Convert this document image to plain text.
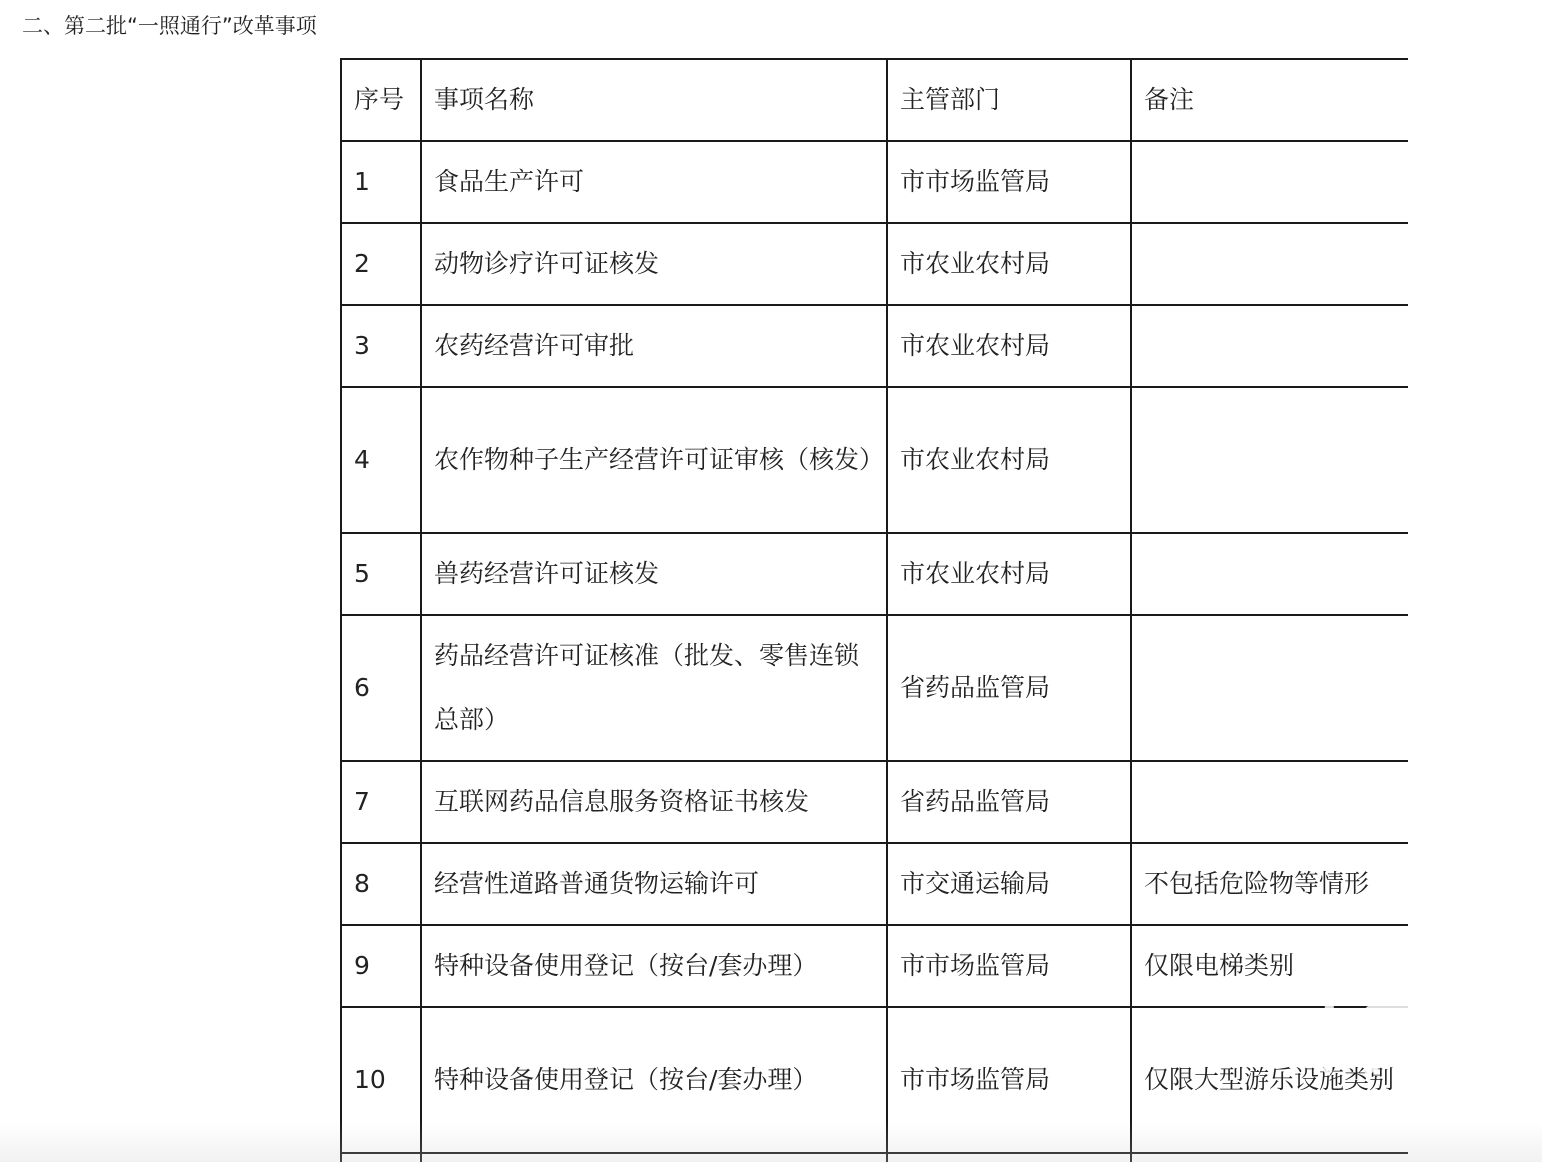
二、第二批“一照通行”改革事项
序号	事项名称	主管部门	备注

1	食品生产许可	市市场监管局	

2	动物诊疗许可证核发	市农业农村局	

3	农药经营许可审批	市农业农村局	

4	农作物种子生产经营许可证审核（核发）	市农业农村局	

5	兽药经营许可证核发	市农业农村局	

6	药品经营许可证核准（批发、零售连锁总部）	省药品监管局	

7	互联网药品信息服务资格证书核发	省药品监管局	

8	经营性道路普通货物运输许可	市交通运输局	不包括危险物等情形

9	特种设备使用登记（按台/套办理）	市市场监管局	仅限电梯类别

10	特种设备使用登记（按台/套办理）	市市场监管局	仅限大型游乐设施类别
